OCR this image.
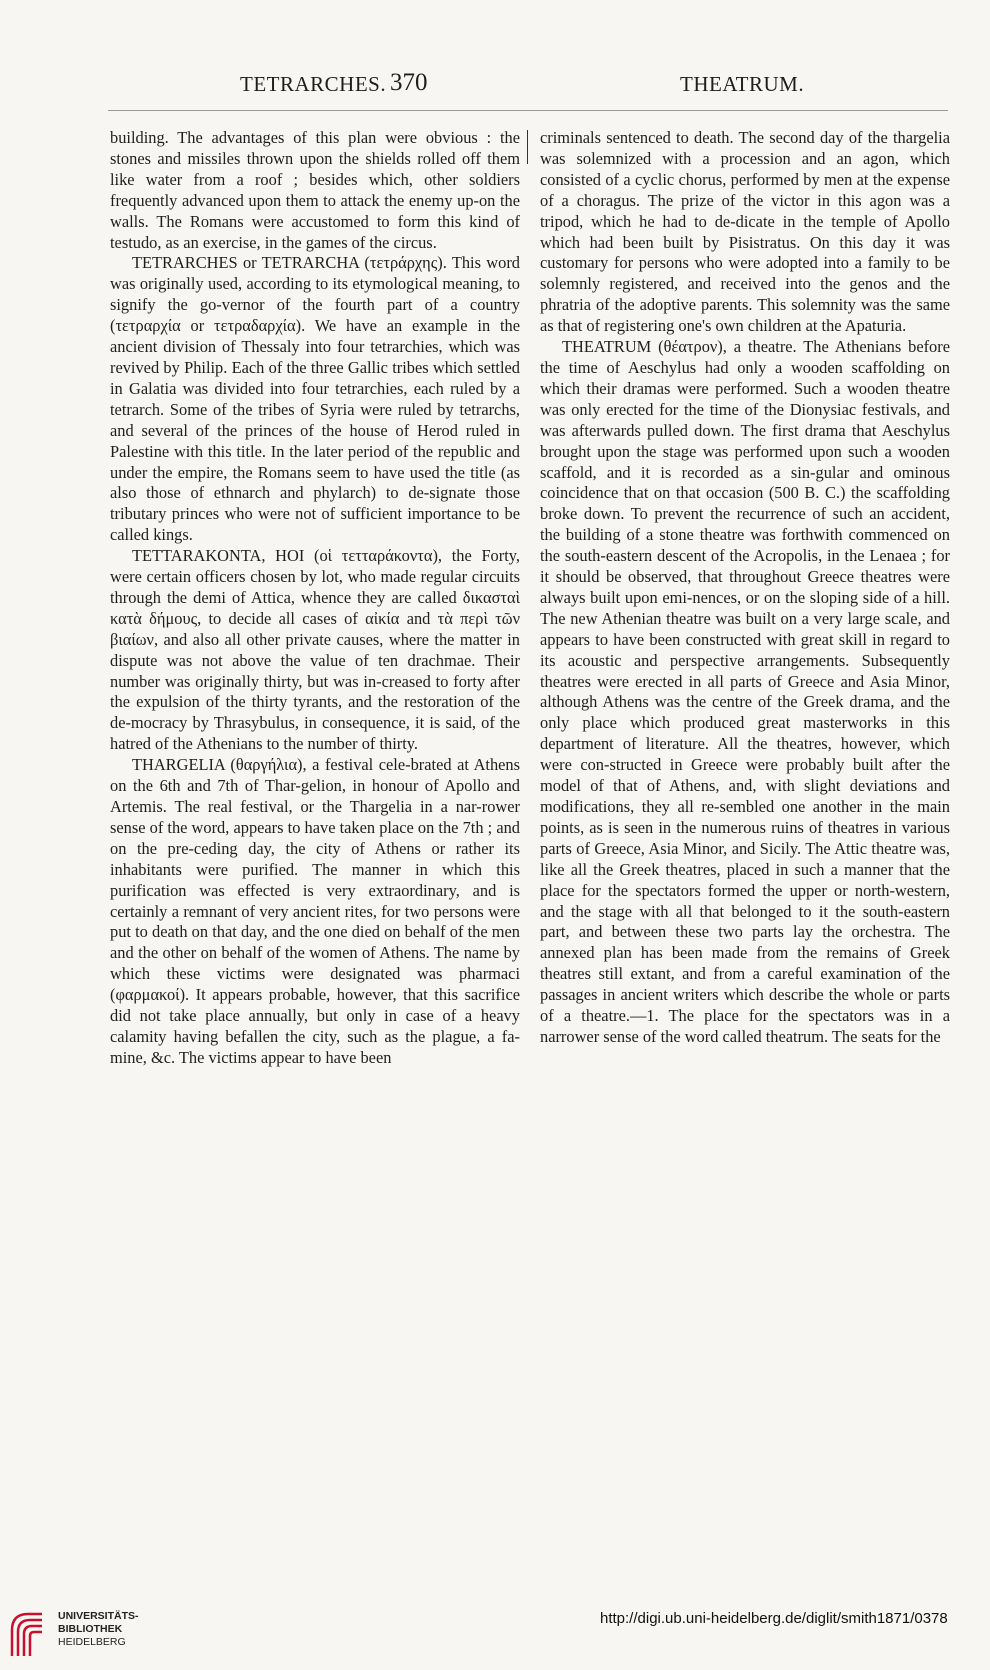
TETRARCHES. 370	THEATRUM.

building. The advantages of this plan were obvious : the stones and missiles thrown upon the shields rolled off them like water from a roof ; besides which, other soldiers frequently advanced upon them to attack the enemy up-on the walls. The Romans were accustomed to form this kind of testudo, as an exercise, in the games of the circus.

TETRARCHES or TETRARCHA (τετράρχης). This word was originally used, according to its etymological meaning, to signify the go-vernor of the fourth part of a country (τετραρχία or τετραδαρχία). We have an example in the ancient division of Thessaly into four tetrarchies, which was revived by Philip. Each of the three Gallic tribes which settled in Galatia was divided into four tetrarchies, each ruled by a tetrarch. Some of the tribes of Syria were ruled by tetrarchs, and several of the princes of the house of Herod ruled in Palestine with this title. In the later period of the republic and under the empire, the Romans seem to have used the title (as also those of ethnarch and phylarch) to de-signate those tributary princes who were not of sufficient importance to be called kings.

TETTARAKONTA, HOI (οἱ τετταράκοντα), the Forty, were certain officers chosen by lot, who made regular circuits through the demi of Attica, whence they are called δικασταὶ κατὰ δήμους, to decide all cases of αἰκία and τὰ περὶ τῶν βιαίων, and also all other private causes, where the matter in dispute was not above the value of ten drachmae. Their number was originally thirty, but was in-creased to forty after the expulsion of the thirty tyrants, and the restoration of the de-mocracy by Thrasybulus, in consequence, it is said, of the hatred of the Athenians to the number of thirty.

THARGELIA (θαργήλια), a festival cele-brated at Athens on the 6th and 7th of Thar-gelion, in honour of Apollo and Artemis. The real festival, or the Thargelia in a nar-rower sense of the word, appears to have taken place on the 7th ; and on the pre-ceding day, the city of Athens or rather its inhabitants were purified. The manner in which this purification was effected is very extraordinary, and is certainly a remnant of very ancient rites, for two persons were put to death on that day, and the one died on behalf of the men and the other on behalf of the women of Athens. The name by which these victims were designated was pharmaci (φαρμακοί). It appears probable, however, that this sacrifice did not take place annually, but only in case of a heavy calamity having befallen the city, such as the plague, a fa-mine, &c. The victims appear to have been

criminals sentenced to death. The second day of the thargelia was solemnized with a procession and an agon, which consisted of a cyclic chorus, performed by men at the expense of a choragus. The prize of the victor in this agon was a tripod, which he had to de-dicate in the temple of Apollo which had been built by Pisistratus. On this day it was customary for persons who were adopted into a family to be solemnly registered, and received into the genos and the phratria of the adoptive parents. This solemnity was the same as that of registering one's own children at the Apaturia.

THEATRUM (θέατρον), a theatre. The Athenians before the time of Aeschylus had only a wooden scaffolding on which their dramas were performed. Such a wooden theatre was only erected for the time of the Dionysiac festivals, and was afterwards pulled down. The first drama that Aeschylus brought upon the stage was performed upon such a wooden scaffold, and it is recorded as a sin-gular and ominous coincidence that on that occasion (500 B. C.) the scaffolding broke down. To prevent the recurrence of such an accident, the building of a stone theatre was forthwith commenced on the south-eastern descent of the Acropolis, in the Lenaea ; for it should be observed, that throughout Greece theatres were always built upon emi-nences, or on the sloping side of a hill. The new Athenian theatre was built on a very large scale, and appears to have been constructed with great skill in regard to its acoustic and perspective arrangements. Subsequently theatres were erected in all parts of Greece and Asia Minor, although Athens was the centre of the Greek drama, and the only place which produced great masterworks in this department of literature. All the theatres, however, which were con-structed in Greece were probably built after the model of that of Athens, and, with slight deviations and modifications, they all re-sembled one another in the main points, as is seen in the numerous ruins of theatres in various parts of Greece, Asia Minor, and Sicily. The Attic theatre was, like all the Greek theatres, placed in such a manner that the place for the spectators formed the upper or north-western, and the stage with all that belonged to it the south-eastern part, and between these two parts lay the orchestra. The annexed plan has been made from the remains of Greek theatres still extant, and from a careful examination of the passages in ancient writers which describe the whole or parts of a theatre.—1. The place for the spectators was in a narrower sense of the word called theatrum. The seats for the

UNIVERSITÄTS-
BIBLIOTHEK
HEIDELBERG
http://digi.ub.uni-heidelberg.de/diglit/smith1871/0378
